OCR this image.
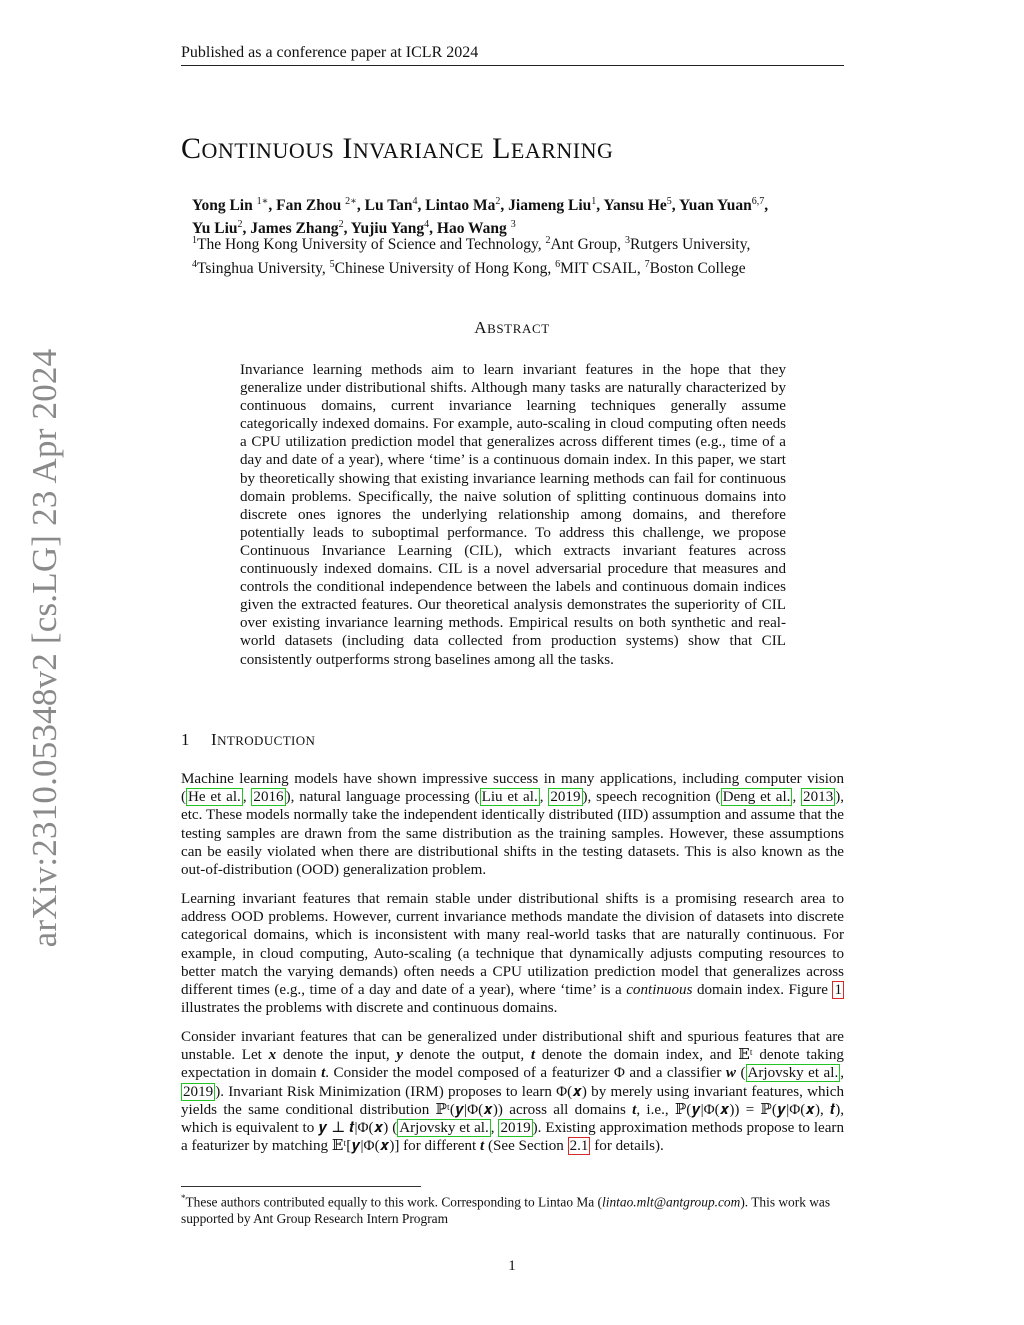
Published as a conference paper at ICLR 2024
arXiv:2310.05348v2 [cs.LG] 23 Apr 2024
CONTINUOUS INVARIANCE LEARNING
Yong Lin $^{1∗}$, Fan Zhou $^{2∗}$, Lu Tan$^4$, Lintao Ma$^2$, Jiameng Liu$^1$, Yansu He$^5$, Yuan Yuan$^{6,7}$,
Yu Liu$^2$, James Zhang$^2$, Yujiu Yang$^4$, Hao Wang $^3$
$^1$The Hong Kong University of Science and Technology, $^2$Ant Group, $^3$Rutgers University,
$^4$Tsinghua University, $^5$Chinese University of Hong Kong, $^6$MIT CSAIL, $^7$Boston College
ABSTRACT
Invariance learning methods aim to learn invariant features in the hope that they generalize under distributional shifts. Although many tasks are naturally characterized by continuous domains, current invariance learning techniques generally assume categorically indexed domains. For example, auto-scaling in cloud computing often needs a CPU utilization prediction model that generalizes across different times (e.g., time of a day and date of a year), where ‘time’ is a continuous domain index. In this paper, we start by theoretically showing that existing invariance learning methods can fail for continuous domain problems. Specifically, the naive solution of splitting continuous domains into discrete ones ignores the underlying relationship among domains, and therefore potentially leads to suboptimal performance. To address this challenge, we propose Continuous Invariance Learning (CIL), which extracts invariant features across continuously indexed domains. CIL is a novel adversarial procedure that measures and controls the conditional independence between the labels and continuous domain indices given the extracted features. Our theoretical analysis demonstrates the superiority of CIL over existing invariance learning methods. Empirical results on both synthetic and real-world datasets (including data collected from production systems) show that CIL consistently outperforms strong baselines among all the tasks.
1 INTRODUCTION
Machine learning models have shown impressive success in many applications, including computer vision ( He et al. , 2016 ), natural language processing ( Liu et al. , 2019 ), speech recognition ( Deng et al. , 2013 ), etc. These models normally take the independent identically distributed (IID) assumption and assume that the testing samples are drawn from the same distribution as the training samples. However, these assumptions can be easily violated when there are distributional shifts in the testing datasets. This is also known as the out-of-distribution (OOD) generalization problem.
Learning invariant features that remain stable under distributional shifts is a promising research area to address OOD problems. However, current invariance methods mandate the division of datasets into discrete categorical domains, which is inconsistent with many real-world tasks that are naturally continuous. For example, in cloud computing, Auto-scaling (a technique that dynamically adjusts computing resources to better match the varying demands) often needs a CPU utilization prediction model that generalizes across different times (e.g., time of a day and date of a year), where ‘time’ is a continuous domain index. Figure 1 illustrates the problems with discrete and continuous domains.
Consider invariant features that can be generalized under distributional shift and spurious features that are unstable. Let x denote the input, y denote the output, t denote the domain index, and 𝔼ᵗ denote taking expectation in domain t. Consider the model composed of a featurizer Φ and a classifier w ( Arjovsky et al. , 2019 ). Invariant Risk Minimization (IRM) proposes to learn Φ(𝒙) by merely using invariant features, which yields the same conditional distribution ℙᵗ(𝒚|Φ(𝒙)) across all domains t, i.e., ℙ(𝒚|Φ(𝒙)) = ℙ(𝒚|Φ(𝒙), 𝒕), which is equivalent to 𝒚 ⊥ 𝒕|Φ(𝒙) ( Arjovsky et al. , 2019 ). Existing approximation methods propose to learn a featurizer by matching 𝔼ᵗ[𝒚|Φ(𝒙)] for different t (See Section 2.1 for details).
*These authors contributed equally to this work. Corresponding to Lintao Ma (lintao.mlt@antgroup.com). This work was supported by Ant Group Research Intern Program
1
